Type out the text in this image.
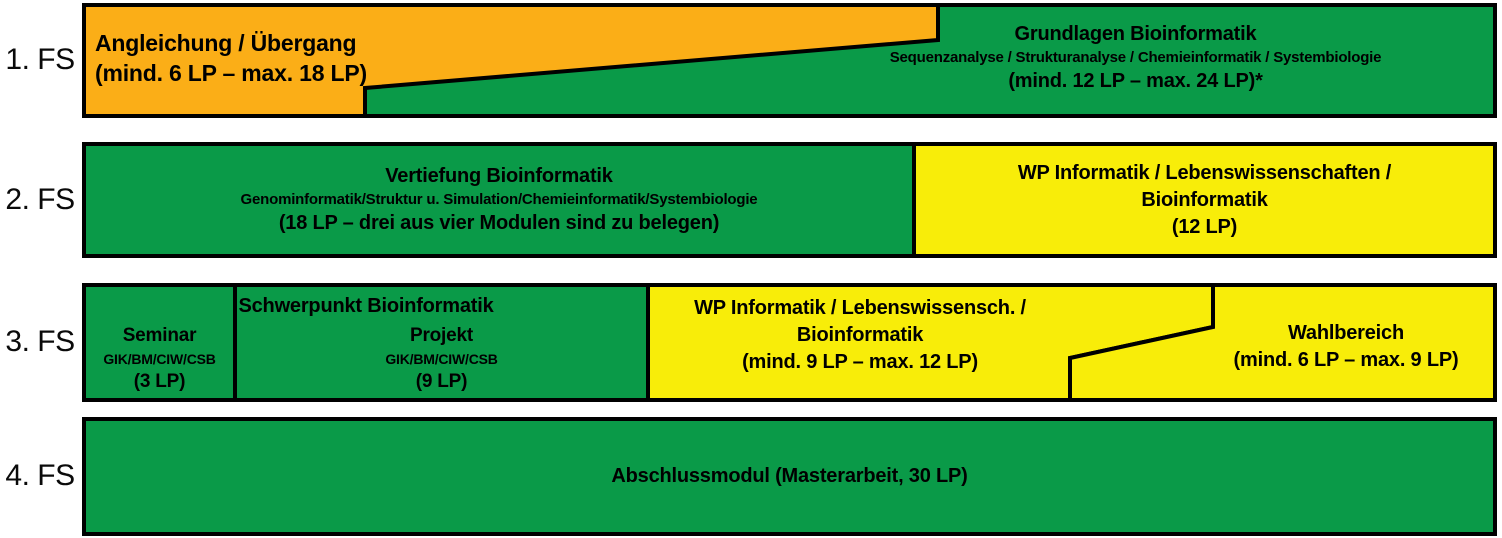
1. FS
2. FS
3. FS
4. FS
Angleichung / Übergang
(mind. 6 LP – max. 18 LP)
Grundlagen Bioinformatik
Sequenzanalyse / Strukturanalyse / Chemieinformatik / Systembiologie
(mind. 12 LP – max. 24 LP)*
Vertiefung Bioinformatik
Genominformatik/Struktur u. Simulation/Chemieinformatik/Systembiologie
(18 LP – drei aus vier Modulen sind zu belegen)
WP Informatik / Lebenswissenschaften /
Bioinformatik
(12 LP)
Schwerpunkt Bioinformatik
Seminar
GIK/BM/CIW/CSB
(3 LP)
Projekt
GIK/BM/CIW/CSB
(9 LP)
WP Informatik / Lebenswissensch. /
Bioinformatik
(mind. 9 LP – max. 12 LP)
Wahlbereich
(mind. 6 LP – max. 9 LP)
Abschlussmodul (Masterarbeit, 30 LP)
